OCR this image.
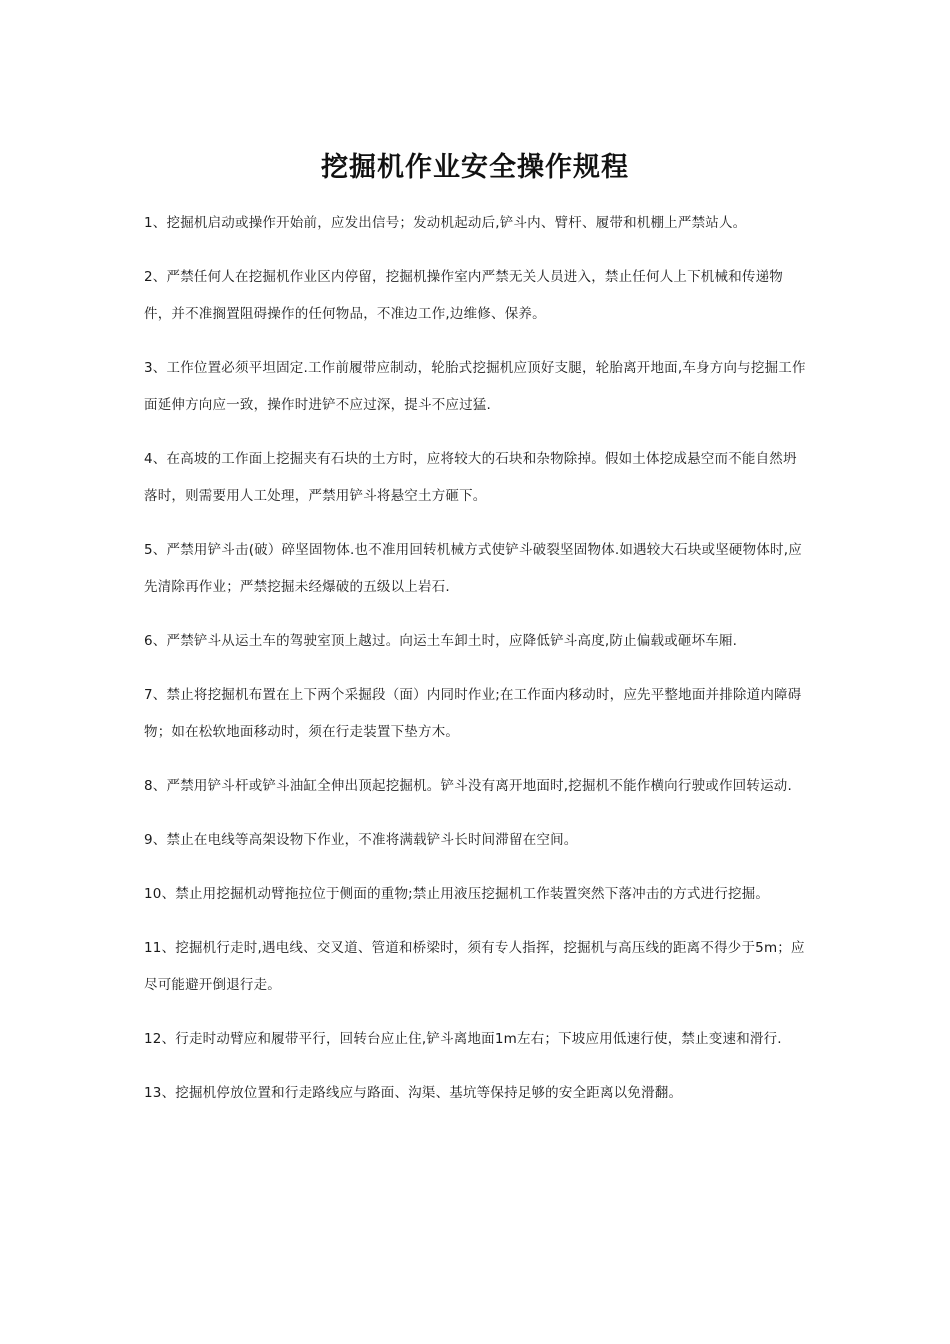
挖掘机作业安全操作规程

1、挖掘机启动或操作开始前，应发出信号；发动机起动后,铲斗内、臂杆、履带和机棚上严禁站人。

2、严禁任何人在挖掘机作业区内停留，挖掘机操作室内严禁无关人员进入，禁止任何人上下机械和传递物件，并不准搁置阻碍操作的任何物品，不准边工作,边维修、保养。

3、工作位置必须平坦固定.工作前履带应制动，轮胎式挖掘机应顶好支腿，轮胎离开地面,车身方向与挖掘工作面延伸方向应一致，操作时进铲不应过深，提斗不应过猛.

4、在高坡的工作面上挖掘夹有石块的土方时，应将较大的石块和杂物除掉。假如土体挖成悬空而不能自然坍落时，则需要用人工处理，严禁用铲斗将悬空土方砸下。

5、严禁用铲斗击(破）碎坚固物体.也不准用回转机械方式使铲斗破裂坚固物体.如遇较大石块或坚硬物体时,应先清除再作业；严禁挖掘未经爆破的五级以上岩石.

6、严禁铲斗从运土车的驾驶室顶上越过。向运土车卸土时，应降低铲斗高度,防止偏载或砸坏车厢.

7、禁止将挖掘机布置在上下两个采掘段（面）内同时作业;在工作面内移动时，应先平整地面并排除道内障碍物；如在松软地面移动时，须在行走装置下垫方木。

8、严禁用铲斗杆或铲斗油缸全伸出顶起挖掘机。铲斗没有离开地面时,挖掘机不能作横向行驶或作回转运动.

9、禁止在电线等高架设物下作业，不准将满载铲斗长时间滞留在空间。

10、禁止用挖掘机动臂拖拉位于侧面的重物;禁止用液压挖掘机工作装置突然下落冲击的方式进行挖掘。

11、挖掘机行走时,遇电线、交叉道、管道和桥梁时，须有专人指挥，挖掘机与高压线的距离不得少于5m；应尽可能避开倒退行走。

12、行走时动臂应和履带平行，回转台应止住,铲斗离地面1m左右；下坡应用低速行使，禁止变速和滑行.

13、挖掘机停放位置和行走路线应与路面、沟渠、基坑等保持足够的安全距离以免滑翻。
